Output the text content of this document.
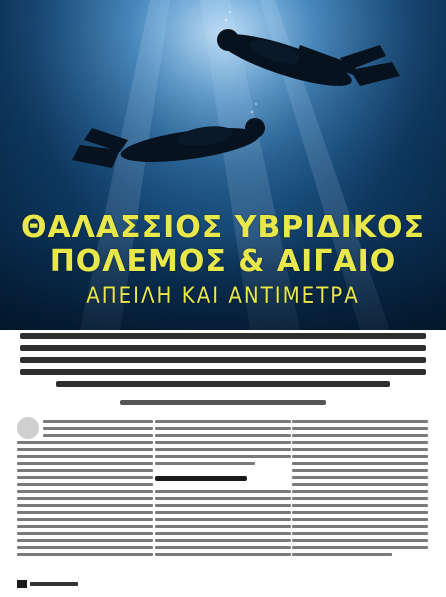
ΘΑΛΑΣΣΙΟΣ ΥΒΡΙΔΙΚΟΣ
ΠΟΛΕΜΟΣ & ΑΙΓΑΙΟ
ΑΠΕΙΛΗ ΚΑΙ ΑΝΤΙΜΕΤΡΑ
